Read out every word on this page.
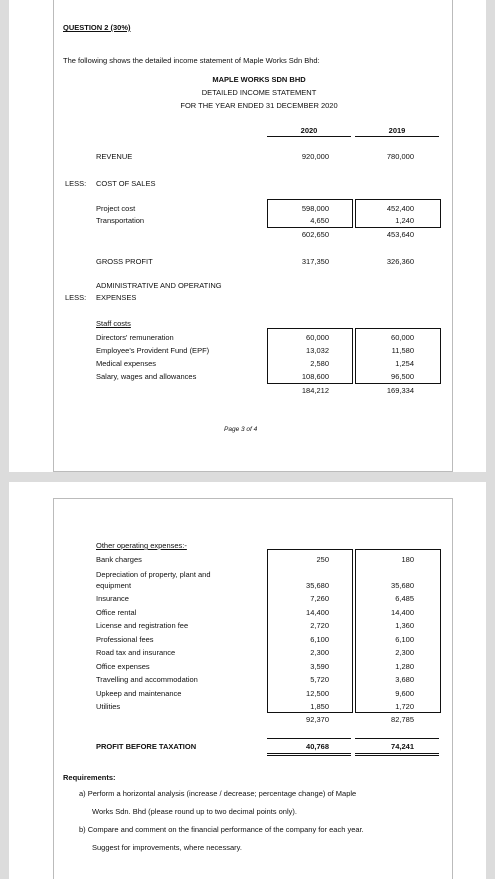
QUESTION 2 (30%)
The following shows the detailed income statement of Maple Works Sdn Bhd:
MAPLE WORKS SDN BHD
DETAILED INCOME STATEMENT
FOR THE YEAR ENDED 31 DECEMBER 2020
2020	2019
REVENUE	920,000	780,000
LESS: COST OF SALES
Project cost	598,000	452,400
Transportation	4,650	1,240
602,650	453,640
GROSS PROFIT	317,350	326,360
ADMINISTRATIVE AND OPERATING
LESS: EXPENSES
Staff costs
Directors' remuneration	60,000	60,000
Employee's Provident Fund (EPF)	13,032	11,580
Medical expenses	2,580	1,254
Salary, wages and allowances	108,600	96,500
184,212	169,334
Page 3 of 4
Other operating expenses:-
Bank charges	250	180
Depreciation of property, plant and
equipment	35,680	35,680
Insurance	7,260	6,485
Office rental	14,400	14,400
License and registration fee	2,720	1,360
Professional fees	6,100	6,100
Road tax and insurance	2,300	2,300
Office expenses	3,590	1,280
Travelling and accommodation	5,720	3,680
Upkeep and maintenance	12,500	9,600
Utilities	1,850	1,720
92,370	82,785
PROFIT BEFORE TAXATION	40,768	74,241
Requirements:
a) Perform a horizontal analysis (increase / decrease; percentage change) of Maple
Works Sdn. Bhd (please round up to two decimal points only).
b) Compare and comment on the financial performance of the company for each year.
Suggest for improvements, where necessary.
